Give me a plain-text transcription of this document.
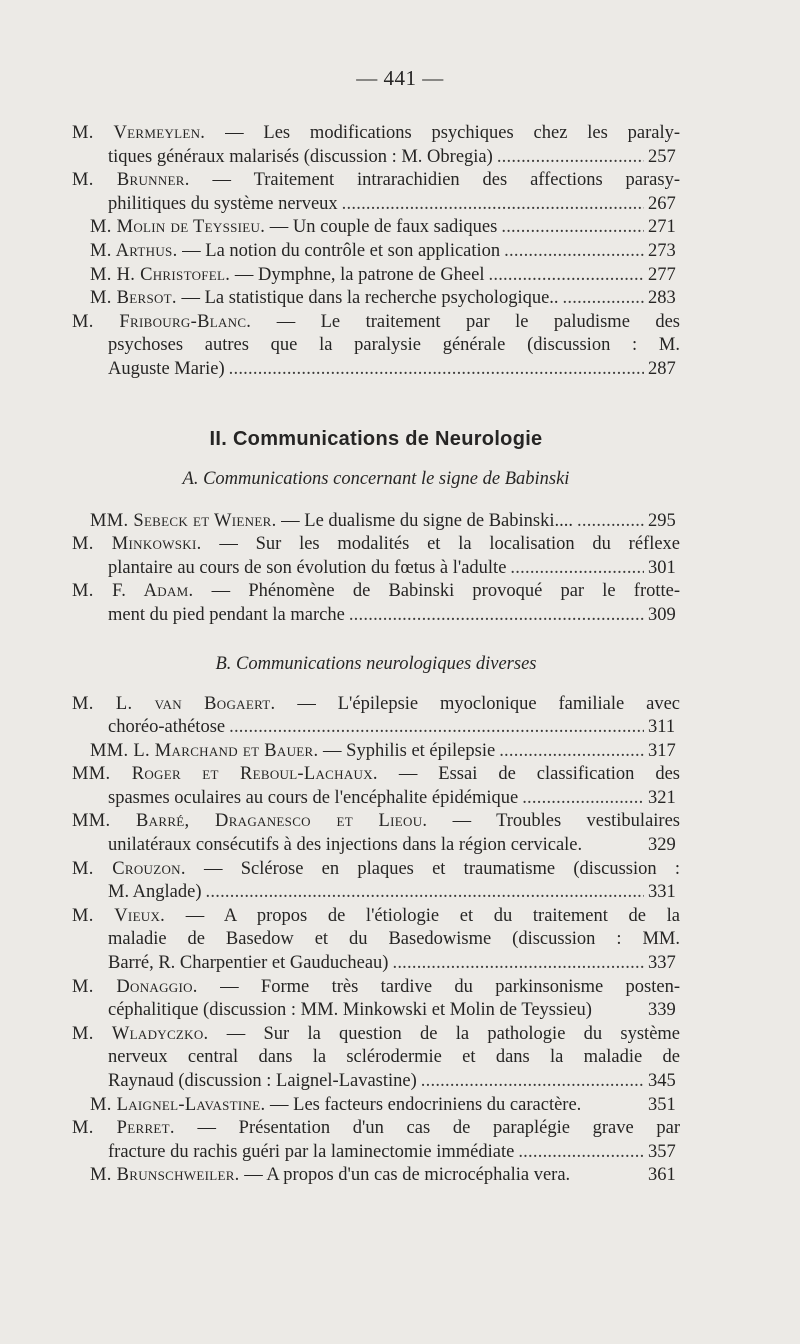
— 441 —
M. Vermeylen. — Les modifications psychiques chez les paraly-
tiques généraux malarisés (discussion : M. Obregia) . . .	257
M. Brunner. — Traitement intrarachidien des affections parasy-
philitiques du système nerveux . . .	267
M. Molin de Teyssieu. — Un couple de faux sadiques . . .	271
M. Arthus. — La notion du contrôle et son application . . .	273
M. H. Christofel. — Dymphne, la patrone de Gheel . . .	277
M. Bersot. — La statistique dans la recherche psychologique.. . . .	283
M. Fribourg-Blanc. — Le traitement par le paludisme des
psychoses autres que la paralysie générale (discussion : M.
Auguste Marie) . . .	287
II. Communications de Neurologie
A. Communications concernant le signe de Babinski
MM. Sebeck et Wiener. — Le dualisme du signe de Babinski.... . . .	295
M. Minkowski. — Sur les modalités et la localisation du réflexe
plantaire au cours de son évolution du fœtus à l'adulte . . .	301
M. F. Adam. — Phénomène de Babinski provoqué par le frotte-
ment du pied pendant la marche . . .	309
B. Communications neurologiques diverses
M. L. van Bogaert. — L'épilepsie myoclonique familiale avec
choréo-athétose . . .	311
MM. L. Marchand et Bauer. — Syphilis et épilepsie . . .	317
MM. Roger et Reboul-Lachaux. — Essai de classification des
spasmes oculaires au cours de l'encéphalite épidémique . . .	321
MM. Barré, Draganesco et Lieou. — Troubles vestibulaires
unilatéraux consécutifs à des injections dans la région cervicale.	329
M. Crouzon. — Sclérose en plaques et traumatisme (discussion :
M. Anglade) . . .	331
M. Vieux. — A propos de l'étiologie et du traitement de la
maladie de Basedow et du Basedowisme (discussion : MM.
Barré, R. Charpentier et Gauducheau) . . .	337
M. Donaggio. — Forme très tardive du parkinsonisme posten-
céphalitique (discussion : MM. Minkowski et Molin de Teyssieu)	339
M. Wladyczko. — Sur la question de la pathologie du système
nerveux central dans la sclérodermie et dans la maladie de
Raynaud (discussion : Laignel-Lavastine) . . .	345
M. Laignel-Lavastine. — Les facteurs endocriniens du caractère.	351
M. Perret. — Présentation d'un cas de paraplégie grave par
fracture du rachis guéri par la laminectomie immédiate . . .	357
M. Brunschweiler. — A propos d'un cas de microcéphalia vera.	361
